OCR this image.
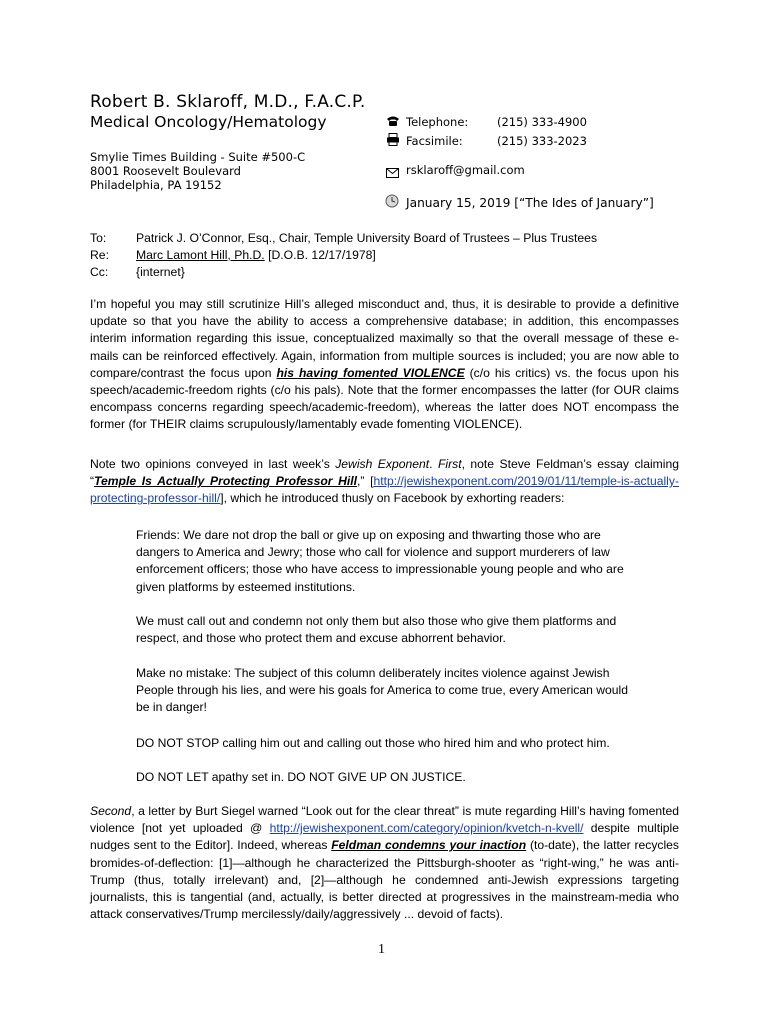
Robert B. Sklaroff, M.D., F.A.C.P.
Medical Oncology/Hematology
Smylie Times Building - Suite #500-C
8001 Roosevelt Boulevard
Philadelphia, PA 19152
Telephone: (215) 333-4900
Facsimile:	(215) 333-2023
rsklaroff@gmail.com
January 15, 2019 [“The Ides of January”]
To: Patrick J. O’Connor, Esq., Chair, Temple University Board of Trustees – Plus Trustees
Re: Marc Lamont Hill, Ph.D. [D.O.B. 12/17/1978]
Cc: {internet}

I’m hopeful you may still scrutinize Hill’s alleged misconduct and, thus, it is desirable to provide a definitive update so that you have the ability to access a comprehensive database; in addition, this encompasses interim information regarding this issue, conceptualized maximally so that the overall message of these e-mails can be reinforced effectively. Again, information from multiple sources is included; you are now able to compare/contrast the focus upon his having fomented VIOLENCE (c/o his critics) vs. the focus upon his speech/academic-freedom rights (c/o his pals). Note that the former encompasses the latter (for OUR claims encompass concerns regarding speech/academic-freedom), whereas the latter does NOT encompass the former (for THEIR claims scrupulously/lamentably evade fomenting VIOLENCE).

Note two opinions conveyed in last week’s Jewish Exponent. First, note Steve Feldman’s essay claiming “Temple Is Actually Protecting Professor Hill,” [http://jewishexponent.com/2019/01/11/temple-is-actually-protecting-professor-hill/], which he introduced thusly on Facebook by exhorting readers:

Friends: We dare not drop the ball or give up on exposing and thwarting those who are dangers to America and Jewry; those who call for violence and support murderers of law enforcement officers; those who have access to impressionable young people and who are given platforms by esteemed institutions.

We must call out and condemn not only them but also those who give them platforms and respect, and those who protect them and excuse abhorrent behavior.

Make no mistake: The subject of this column deliberately incites violence against Jewish People through his lies, and were his goals for America to come true, every American would be in danger!

DO NOT STOP calling him out and calling out those who hired him and who protect him.

DO NOT LET apathy set in. DO NOT GIVE UP ON JUSTICE.

Second, a letter by Burt Siegel warned “Look out for the clear threat” is mute regarding Hill’s having fomented violence [not yet uploaded @ http://jewishexponent.com/category/opinion/kvetch-n-kvell/ despite multiple nudges sent to the Editor]. Indeed, whereas Feldman condemns your inaction (to-date), the latter recycles bromides-of-deflection: [1]—although he characterized the Pittsburgh-shooter as “right-wing,” he was anti-Trump (thus, totally irrelevant) and, [2]—although he condemned anti-Jewish expressions targeting journalists, this is tangential (and, actually, is better directed at progressives in the mainstream-media who attack conservatives/Trump mercilessly/daily/aggressively ... devoid of facts).

1
